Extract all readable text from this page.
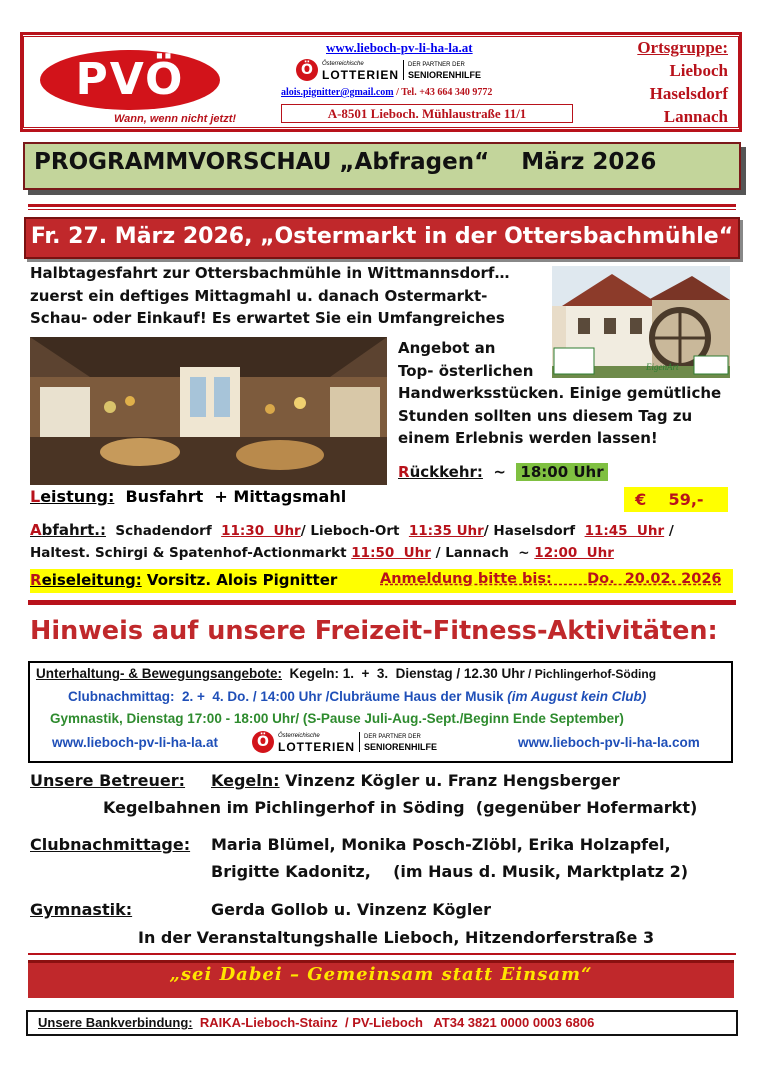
PVÖ
Wann, wenn nicht jetzt!
www.lieboch-pv-li-ha-la.at
Ö	Österreichische
LOTTERIEN
DER PARTNER DER
SENIORENHILFE
alois.pignitter@gmail.com / Tel. +43 664 340 9772
A-8501 Lieboch. Mühlaustraße 11/1
Ortsgruppe:
Lieboch
Haselsdorf
Lannach
PROGRAMMVORSCHAU „Abfragen“    März 2026
Fr. 27. März 2026, „Ostermarkt in der Ottersbachmühle“
Halbtagesfahrt zur Ottersbachmühle in Wittmannsdorf…
zuerst ein deftiges Mittagmahl u. danach Ostermarkt-
Schau- oder Einkauf! Es erwartet Sie ein Umfangreiches
EigenArt
Angebot an
Top- österlichen
Handwerksstücken. Einige gemütliche
Stunden sollten uns diesem Tag zu
einem Erlebnis werden lassen!
Rückkehr:  ~  18:00 Uhr
Leistung:  Busfahrt  + Mittagsmahl	€    59,-
Abfahrt.:  Schadendorf  11:30  Uhr/ Lieboch-Ort  11:35 Uhr/ Haselsdorf  11:45  Uhr /
Haltest. Schirgi & Spatenhof-Actionmarkt 11:50  Uhr / Lannach  ~ 12:00  Uhr
Reiseleitung: Vorsitz. Alois Pignitter	Anmeldung bitte bis:       Do.  20.02. 2026
Hinweis auf unsere Freizeit-Fitness-Aktivitäten:
Unterhaltung- & Bewegungsangebote:  Kegeln: 1.  +  3.  Dienstag / 12.30 Uhr / Pichlingerhof-Söding
Clubnachmittag:  2. +  4. Do. / 14:00 Uhr /Clubräume Haus der Musik (im August kein Club)
Gymnastik, Dienstag 17:00 - 18:00 Uhr/ (S-Pause Juli-Aug.-Sept./Beginn Ende September)
www.lieboch-pv-li-ha-la.at	Ö	Österreichische
LOTTERIEN
DER PARTNER DER
SENIORENHILFE	www.lieboch-pv-li-ha-la.com
Unsere Betreuer: Kegeln: Vinzenz Kögler u. Franz Hengsberger
Kegelbahnen im Pichlingerhof in Söding  (gegenüber Hofermarkt)
Clubnachmittage: Maria Blümel, Monika Posch-Zlöbl, Erika Holzapfel,
Brigitte Kadonitz,    (im Haus d. Musik, Marktplatz 2)
Gymnastik:	Gerda Gollob u. Vinzenz Kögler
In der Veranstaltungshalle Lieboch, Hitzendorferstraße 3
„sei Dabei – Gemeinsam statt Einsam“
Unsere Bankverbindung:  RAIKA-Lieboch-Stainz  / PV-Lieboch   AT34 3821 0000 0003 6806
